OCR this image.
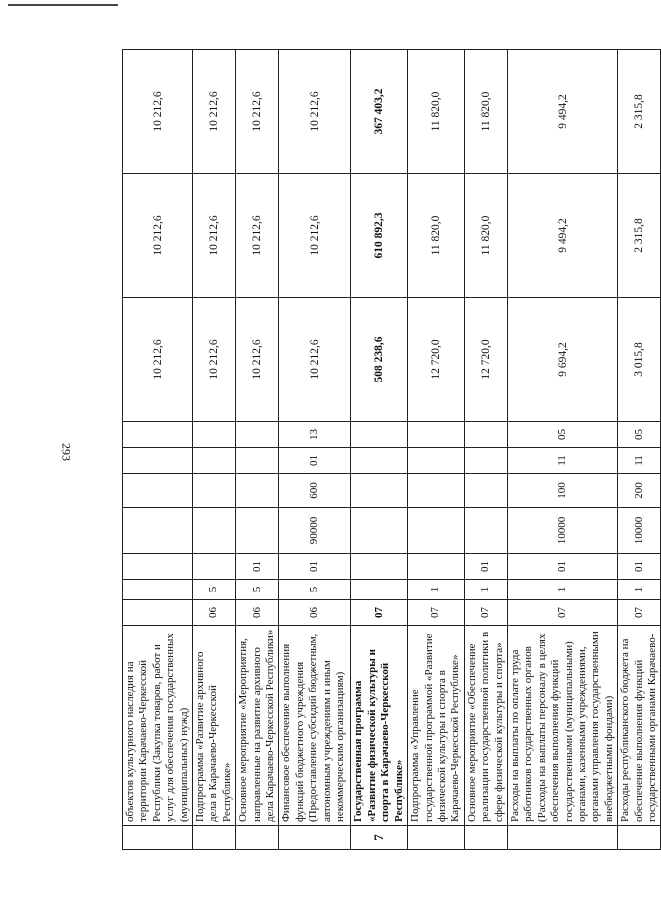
293
	объектов культурного наследия на территории Карачаево-Черкесской Республики (Закупка товаров, работ и услуг для обеспечения государственных (муниципальных) нужд)								10 212,6	10 212,6	10 212,6
	Подпрограмма «Развитие архивного дела в Карачаево-Черкесской Республике»	06	5						10 212,6	10 212,6	10 212,6
	Основное мероприятие «Мероприятия, направленные на развитие архивного дела Карачаево-Черкесской Республики»	06	5	01					10 212,6	10 212,6	10 212,6
	Финансовое обеспечение выполнения функций бюджетного учреждения (Предоставление субсидий бюджетным, автономным учреждениям и иным некоммерческим организациям)	06	5	01	90000	600	01	13	10 212,6	10 212,6	10 212,6
7	Государственная программа «Развитие физической культуры и спорта в Карачаево-Черкесской Республике»	07							508 238,6	610 892,3	367 403,2
	Подпрограмма «Управление государственной программой «Развитие физической культуры и спорта в Карачаево-Черкесской Республике»	07	1						12 720,0	11 820,0	11 820,0
	Основное мероприятие «Обеспечение реализации государственной политики в сфере физической культуры и спорта»	07	1	01					12 720,0	11 820,0	11 820,0
	Расходы на выплаты по оплате труда работников государственных органов (Расходы на выплаты персоналу в целях обеспечения выполнения функций государственными (муниципальными) органами, казенными учреждениями, органами управления государственными внебюджетными фондами)	07	1	01	10000	100	11	05	9 694,2	9 494,2	9 494,2
	Расходы республиканского бюджета на обеспечение выполнения функций государственными органами Карачаево-	07	1	01	10000	200	11	05	3 015,8	2 315,8	2 315,8
